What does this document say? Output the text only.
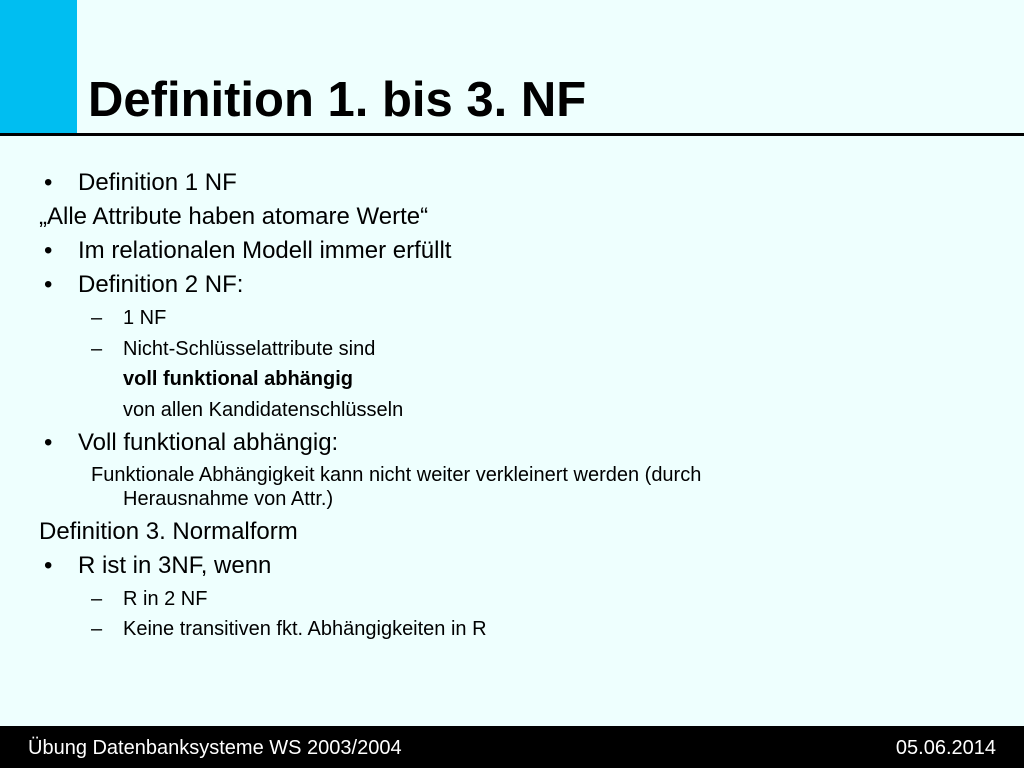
Definition 1. bis 3. NF
• Definition 1 NF
„Alle Attribute haben atomare Werte“
• Im relationalen Modell immer erfüllt
• Definition 2 NF:
– 1 NF
– Nicht-Schlüsselattribute sind
voll funktional abhängig
von allen Kandidatenschlüsseln
• Voll funktional abhängig:
Funktionale Abhängigkeit kann nicht weiter verkleinert werden (durch
Herausnahme von Attr.)
Definition 3. Normalform
• R ist in 3NF, wenn
– R in 2 NF
– Keine transitiven fkt. Abhängigkeiten in R
Übung Datenbanksysteme WS 2003/2004	05.06.2014
